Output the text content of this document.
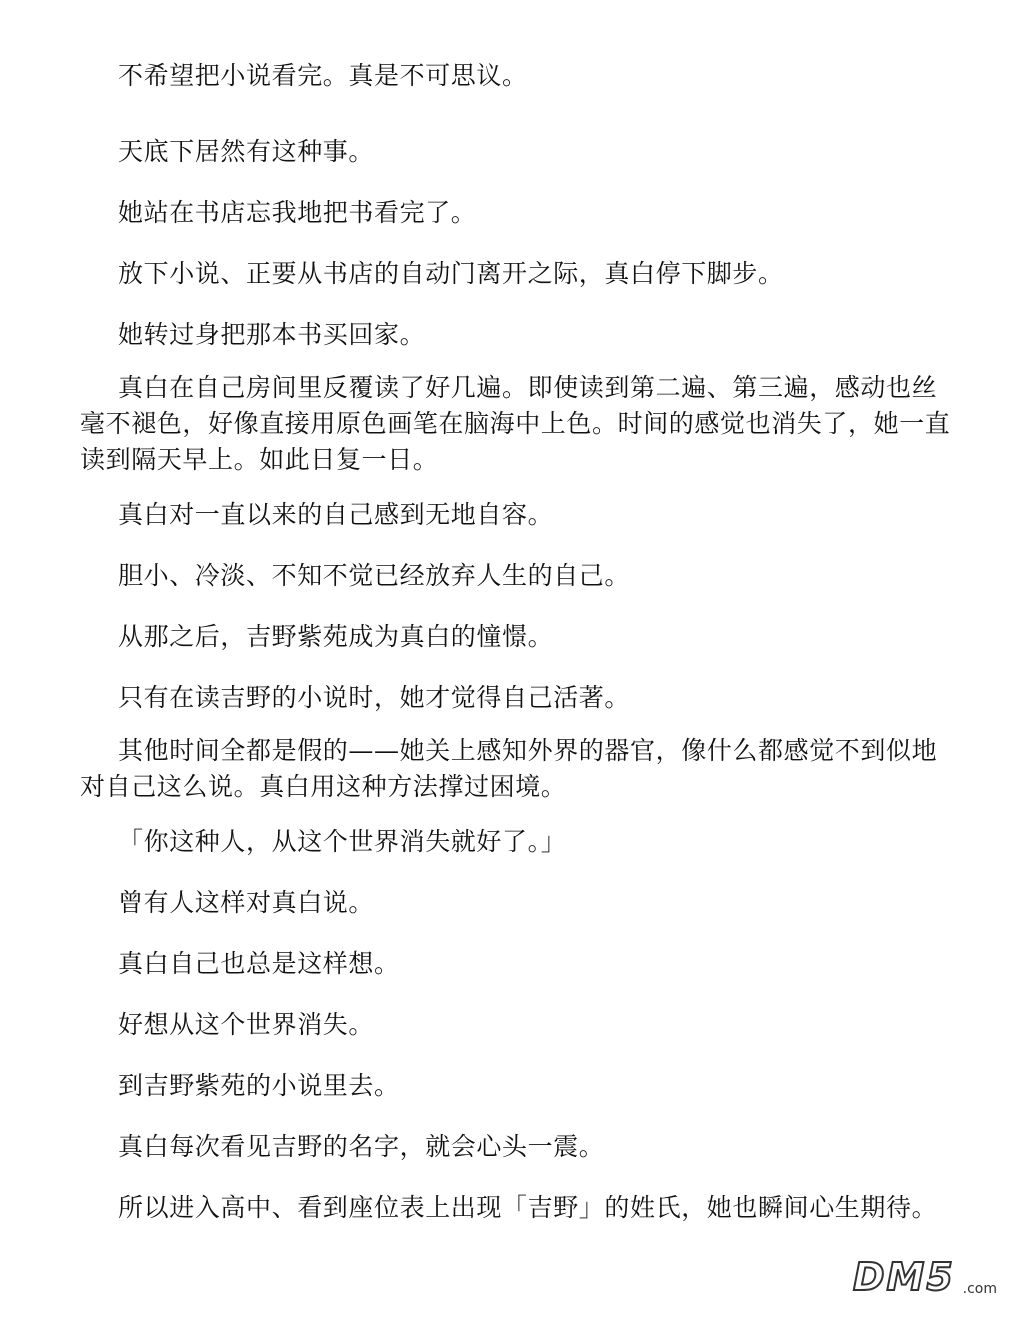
不希望把小说看完。真是不可思议。

天底下居然有这种事。

她站在书店忘我地把书看完了。

放下小说、正要从书店的自动门离开之际，真白停下脚步。

她转过身把那本书买回家。

真白在自己房间里反覆读了好几遍。即使读到第二遍、第三遍，感动也丝毫不褪色，好像直接用原色画笔在脑海中上色。时间的感觉也消失了，她一直读到隔天早上。如此日复一日。

真白对一直以来的自己感到无地自容。

胆小、冷淡、不知不觉已经放弃人生的自己。

从那之后，吉野紫苑成为真白的憧憬。

只有在读吉野的小说时，她才觉得自己活著。

其他时间全都是假的——她关上感知外界的器官，像什么都感觉不到似地对自己这么说。真白用这种方法撑过困境。

「你这种人，从这个世界消失就好了。」

曾有人这样对真白说。

真白自己也总是这样想。

好想从这个世界消失。

到吉野紫苑的小说里去。

真白每次看见吉野的名字，就会心头一震。

所以进入高中、看到座位表上出现「吉野」的姓氏，她也瞬间心生期待。

DM5 .com
